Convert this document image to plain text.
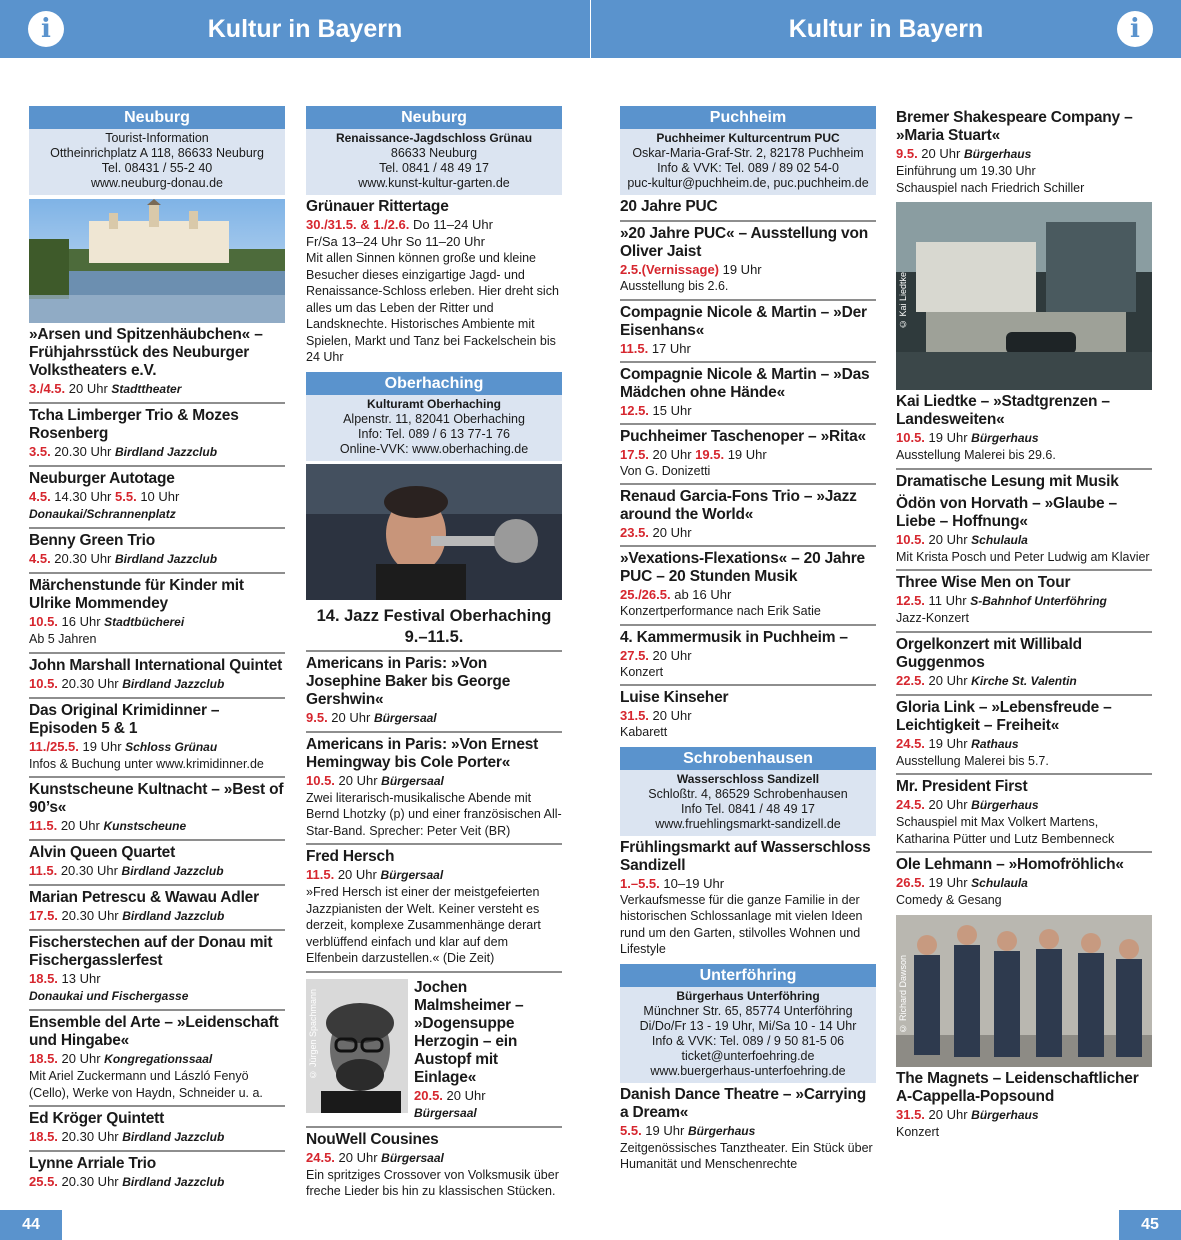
Kultur in Bayern
i
Neuburg
Tourist-Information
Ottheinrichplatz A 118, 86633 Neuburg
Tel. 08431 / 55-2 40
www.neuburg-donau.de
»Arsen und Spitzenhäubchen« – Frühjahrsstück des Neuburger Volkstheaters e.V.
3./4.5. 20 Uhr Stadttheater
Tcha Limberger Trio & Mozes Rosenberg
3.5. 20.30 Uhr Birdland Jazzclub
Neuburger Autotage
4.5. 14.30 Uhr 5.5. 10 Uhr
Donaukai/Schrannenplatz
Benny Green Trio
4.5. 20.30 Uhr Birdland Jazzclub
Märchenstunde für Kinder mit Ulrike Mommendey
10.5. 16 Uhr Stadtbücherei
Ab 5 Jahren
John Marshall International Quintet
10.5. 20.30 Uhr Birdland Jazzclub
Das Original Krimidinner – Episoden 5 & 1
11./25.5. 19 Uhr Schloss Grünau
Infos & Buchung unter www.krimidinner.de
Kunstscheune Kultnacht – »Best of 90’s«
11.5. 20 Uhr Kunstscheune
Alvin Queen Quartet
11.5. 20.30 Uhr Birdland Jazzclub
Marian Petrescu & Wawau Adler
17.5. 20.30 Uhr Birdland Jazzclub
Fischerstechen auf der Donau mit Fischergasslerfest
18.5. 13 Uhr
Donaukai und Fischergasse
Ensemble del Arte – »Leidenschaft und Hingabe«
18.5. 20 Uhr Kongregationssaal
Mit Ariel Zuckermann und László Fenyö (Cello), Werke von Haydn, Schneider u. a.
Ed Kröger Quintett
18.5. 20.30 Uhr Birdland Jazzclub
Lynne Arriale Trio
25.5. 20.30 Uhr Birdland Jazzclub
Neuburg
Renaissance-Jagdschloss Grünau
86633 Neuburg
Tel. 0841 / 48 49 17
www.kunst-kultur-garten.de
Grünauer Rittertage
30./31.5. & 1./2.6. Do 11–24 Uhr
Fr/Sa 13–24 Uhr So 11–20 Uhr
Mit allen Sinnen können große und kleine Besucher dieses einzigartige Jagd- und Renaissance-Schloss erleben. Hier dreht sich alles um das Leben der Ritter und Landsknechte. Historisches Ambiente mit Spielen, Markt und Tanz bei Fackelschein bis 24 Uhr
Oberhaching
Kulturamt Oberhaching
Alpenstr. 11, 82041 Oberhaching
Info: Tel. 089 / 6 13 77-1 76
Online-VVK: www.oberhaching.de
14. Jazz Festival Oberhaching
9.–11.5.
Americans in Paris: »Von Josephine Baker bis George Gershwin«
9.5. 20 Uhr Bürgersaal
Americans in Paris: »Von Ernest Hemingway bis Cole Porter«
10.5. 20 Uhr Bürgersaal
Zwei literarisch-musikalische Abende mit Bernd Lhotzky (p) und einer französischen All-Star-Band. Sprecher: Peter Veit (BR)
Fred Hersch
11.5. 20 Uhr Bürgersaal
»Fred Hersch ist einer der meistgefeierten Jazzpianisten der Welt. Keiner versteht es derzeit, komplexe Zusammenhänge derart verblüffend einfach und klar auf dem Elfenbein darzustellen.« (Die Zeit)
© Jürgen Spachmann
Jochen Malmsheimer – »Dogensuppe Herzogin – ein Austopf mit Einlage«
20.5. 20 Uhr
Bürgersaal
NouWell Cousines
24.5. 20 Uhr Bürgersaal
Ein spritziges Crossover von Volksmusik über freche Lieder bis hin zu klassischen Stücken.
44
Kultur in Bayern	i
45
Puchheim
Puchheimer Kulturcentrum PUC
Oskar-Maria-Graf-Str. 2, 82178 Puchheim
Info & VVK: Tel. 089 / 89 02 54-0
puc-kultur@puchheim.de, puc.puchheim.de
20 Jahre PUC
»20 Jahre PUC« – Ausstellung von Oliver Jaist
2.5.(Vernissage) 19 Uhr
Ausstellung bis 2.6.
Compagnie Nicole & Martin – »Der Eisenhans«
11.5. 17 Uhr
Compagnie Nicole & Martin – »Das Mädchen ohne Hände«
12.5. 15 Uhr
Puchheimer Taschenoper – »Rita«
17.5. 20 Uhr 19.5. 19 Uhr
Von G. Donizetti
Renaud Garcia-Fons Trio – »Jazz around the World«
23.5. 20 Uhr
»Vexations-Flexations« – 20 Jahre PUC – 20 Stunden Musik
25./26.5. ab 16 Uhr
Konzertperformance nach Erik Satie
4. Kammermusik in Puchheim –
27.5. 20 Uhr
Konzert
Luise Kinseher
31.5. 20 Uhr
Kabarett
Schrobenhausen
Wasserschloss Sandizell
Schloßtr. 4, 86529 Schrobenhausen
Info Tel. 0841 / 48 49 17
www.fruehlingsmarkt-sandizell.de
Frühlingsmarkt auf Wasserschloss Sandizell
1.–5.5. 10–19 Uhr
Verkaufsmesse für die ganze Familie in der historischen Schlossanlage mit vielen Ideen rund um den Garten, stilvolles Wohnen und Lifestyle
Unterföhring
Bürgerhaus Unterföhring
Münchner Str. 65, 85774 Unterföhring
Di/Do/Fr 13 - 19 Uhr, Mi/Sa 10 - 14 Uhr
Info & VVK: Tel. 089 / 9 50 81-5 06
ticket@unterfoehring.de
www.buergerhaus-unterfoehring.de
Danish Dance Theatre – »Carrying a Dream«
5.5. 19 Uhr Bürgerhaus
Zeitgenössisches Tanztheater. Ein Stück über Humanität und Menschenrechte
Bremer Shakespeare Company – »Maria Stuart«
9.5. 20 Uhr Bürgerhaus
Einführung um 19.30 Uhr
Schauspiel nach Friedrich Schiller
© Kai Liedtke
Kai Liedtke – »Stadtgrenzen – Landesweiten«
10.5. 19 Uhr Bürgerhaus
Ausstellung Malerei bis 29.6.
Dramatische Lesung mit Musik
Ödön von Horvath – »Glaube – Liebe – Hoffnung«
10.5. 20 Uhr Schulaula
Mit Krista Posch und Peter Ludwig am Klavier
Three Wise Men on Tour
12.5. 11 Uhr S-Bahnhof Unterföhring
Jazz-Konzert
Orgelkonzert mit Willibald Guggenmos
22.5. 20 Uhr Kirche St. Valentin
Gloria Link – »Lebensfreude – Leichtigkeit – Freiheit«
24.5. 19 Uhr Rathaus
Ausstellung Malerei bis 5.7.
Mr. President First
24.5. 20 Uhr Bürgerhaus
Schauspiel mit Max Volkert Martens, Katharina Pütter und Lutz Bembenneck
Ole Lehmann – »Homofröhlich«
26.5. 19 Uhr Schulaula
Comedy & Gesang
© Richard Dawson
The Magnets – Leidenschaftlicher A-Cappella-Popsound
31.5. 20 Uhr Bürgerhaus
Konzert
